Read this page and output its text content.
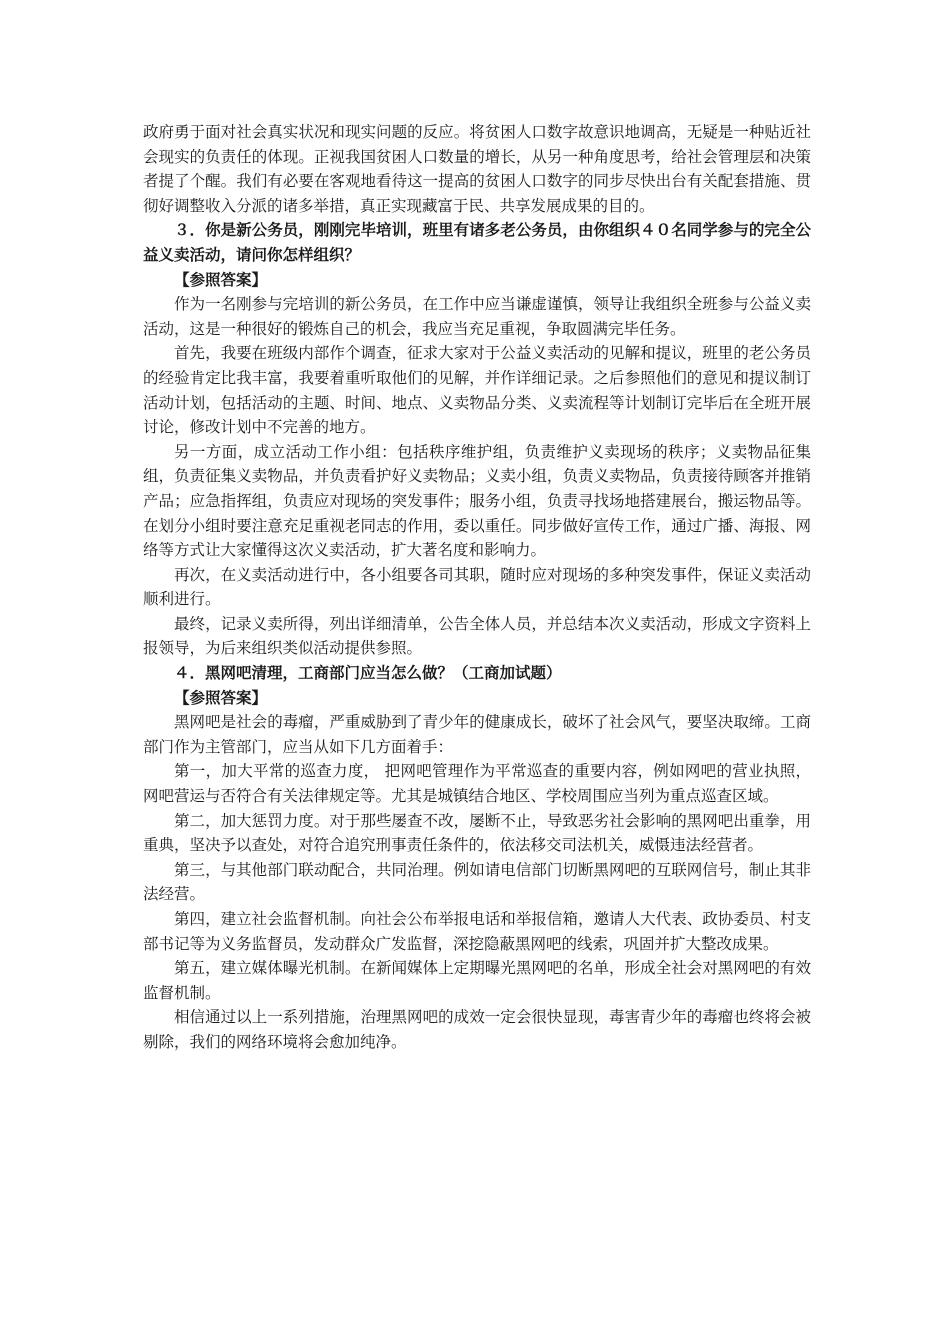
政府勇于面对社会真实状况和现实问题的反应。将贫困人口数字故意识地调高，无疑是一种贴近社会现实的负责任的体现。正视我国贫困人口数量的增长，从另一种角度思考，给社会管理层和决策者提了个醒。我们有必要在客观地看待这一提高的贫困人口数字的同步尽快出台有关配套措施、贯彻好调整收入分派的诸多举措，真正实现藏富于民、共享发展成果的目的。

３．你是新公务员，刚刚完毕培训，班里有诸多老公务员，由你组织４０名同学参与的完全公益义卖活动，请问你怎样组织？

【参照答案】

作为一名刚参与完培训的新公务员，在工作中应当谦虚谨慎，领导让我组织全班参与公益义卖活动，这是一种很好的锻炼自己的机会，我应当充足重视，争取圆满完毕任务。

首先，我要在班级内部作个调查，征求大家对于公益义卖活动的见解和提议，班里的老公务员的经验肯定比我丰富，我要着重听取他们的见解，并作详细记录。之后参照他们的意见和提议制订活动计划，包括活动的主题、时间、地点、义卖物品分类、义卖流程等计划制订完毕后在全班开展讨论，修改计划中不完善的地方。

另一方面，成立活动工作小组：包括秩序维护组，负责维护义卖现场的秩序；义卖物品征集组，负责征集义卖物品，并负责看护好义卖物品；义卖小组，负责义卖物品，负责接待顾客并推销产品；应急指挥组，负责应对现场的突发事件；服务小组，负责寻找场地搭建展台，搬运物品等。在划分小组时要注意充足重视老同志的作用，委以重任。同步做好宣传工作，通过广播、海报、网络等方式让大家懂得这次义卖活动，扩大著名度和影响力。

再次，在义卖活动进行中，各小组要各司其职，随时应对现场的多种突发事件，保证义卖活动顺利进行。

最终，记录义卖所得，列出详细清单，公告全体人员，并总结本次义卖活动，形成文字资料上报领导，为后来组织类似活动提供参照。

４．黑网吧清理，工商部门应当怎么做？（工商加试题）

【参照答案】

黑网吧是社会的毒瘤，严重威胁到了青少年的健康成长，破坏了社会风气，要坚决取缔。工商部门作为主管部门，应当从如下几方面着手：

第一，加大平常的巡查力度， 把网吧管理作为平常巡查的重要内容，例如网吧的营业执照，网吧营运与否符合有关法律规定等。尤其是城镇结合地区、学校周围应当列为重点巡查区域。

第二，加大惩罚力度。对于那些屡查不改，屡断不止，导致恶劣社会影响的黑网吧出重拳，用重典，坚决予以查处，对符合追究刑事责任条件的，依法移交司法机关，威慑违法经营者。

第三，与其他部门联动配合，共同治理。例如请电信部门切断黑网吧的互联网信号，制止其非法经营。

第四，建立社会监督机制。向社会公布举报电话和举报信箱，邀请人大代表、政协委员、村支部书记等为义务监督员，发动群众广发监督，深挖隐蔽黑网吧的线索，巩固并扩大整改成果。

第五，建立媒体曝光机制。在新闻媒体上定期曝光黑网吧的名单，形成全社会对黑网吧的有效监督机制。

相信通过以上一系列措施，治理黑网吧的成效一定会很快显现，毒害青少年的毒瘤也终将会被剔除，我们的网络环境将会愈加纯净。
